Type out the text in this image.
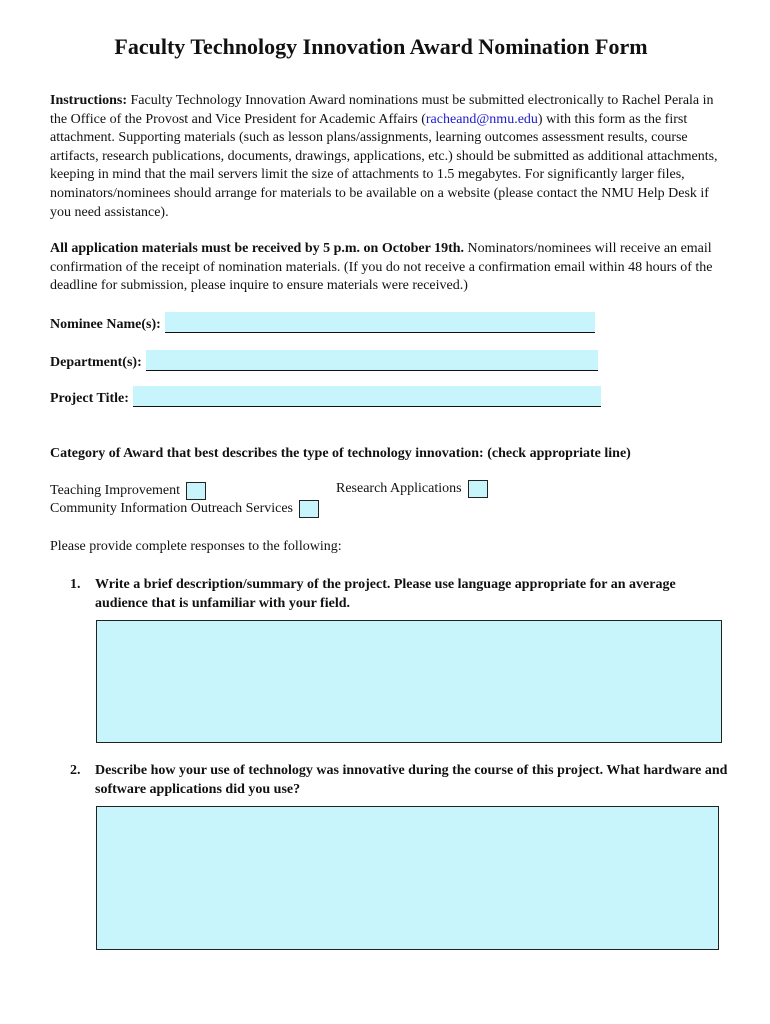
Faculty Technology Innovation Award Nomination Form
Instructions: Faculty Technology Innovation Award nominations must be submitted electronically to Rachel Perala in the Office of the Provost and Vice President for Academic Affairs (racheand@nmu.edu) with this form as the first attachment. Supporting materials (such as lesson plans/assignments, learning outcomes assessment results, course artifacts, research publications, documents, drawings, applications, etc.) should be submitted as additional attachments, keeping in mind that the mail servers limit the size of attachments to 1.5 megabytes. For significantly larger files, nominators/nominees should arrange for materials to be available on a website (please contact the NMU Help Desk if you need assistance).
All application materials must be received by 5 p.m. on October 19th. Nominators/nominees will receive an email confirmation of the receipt of nomination materials. (If you do not receive a confirmation email within 48 hours of the deadline for submission, please inquire to ensure materials were received.)
Nominee Name(s):
Department(s):
Project Title:
Category of Award that best describes the type of technology innovation: (check appropriate line)
Teaching Improvement	Research Applications
Community Information Outreach Services
Please provide complete responses to the following:
1.	Write a brief description/summary of the project. Please use language appropriate for an average audience that is unfamiliar with your field.
2.	Describe how your use of technology was innovative during the course of this project. What hardware and software applications did you use?
